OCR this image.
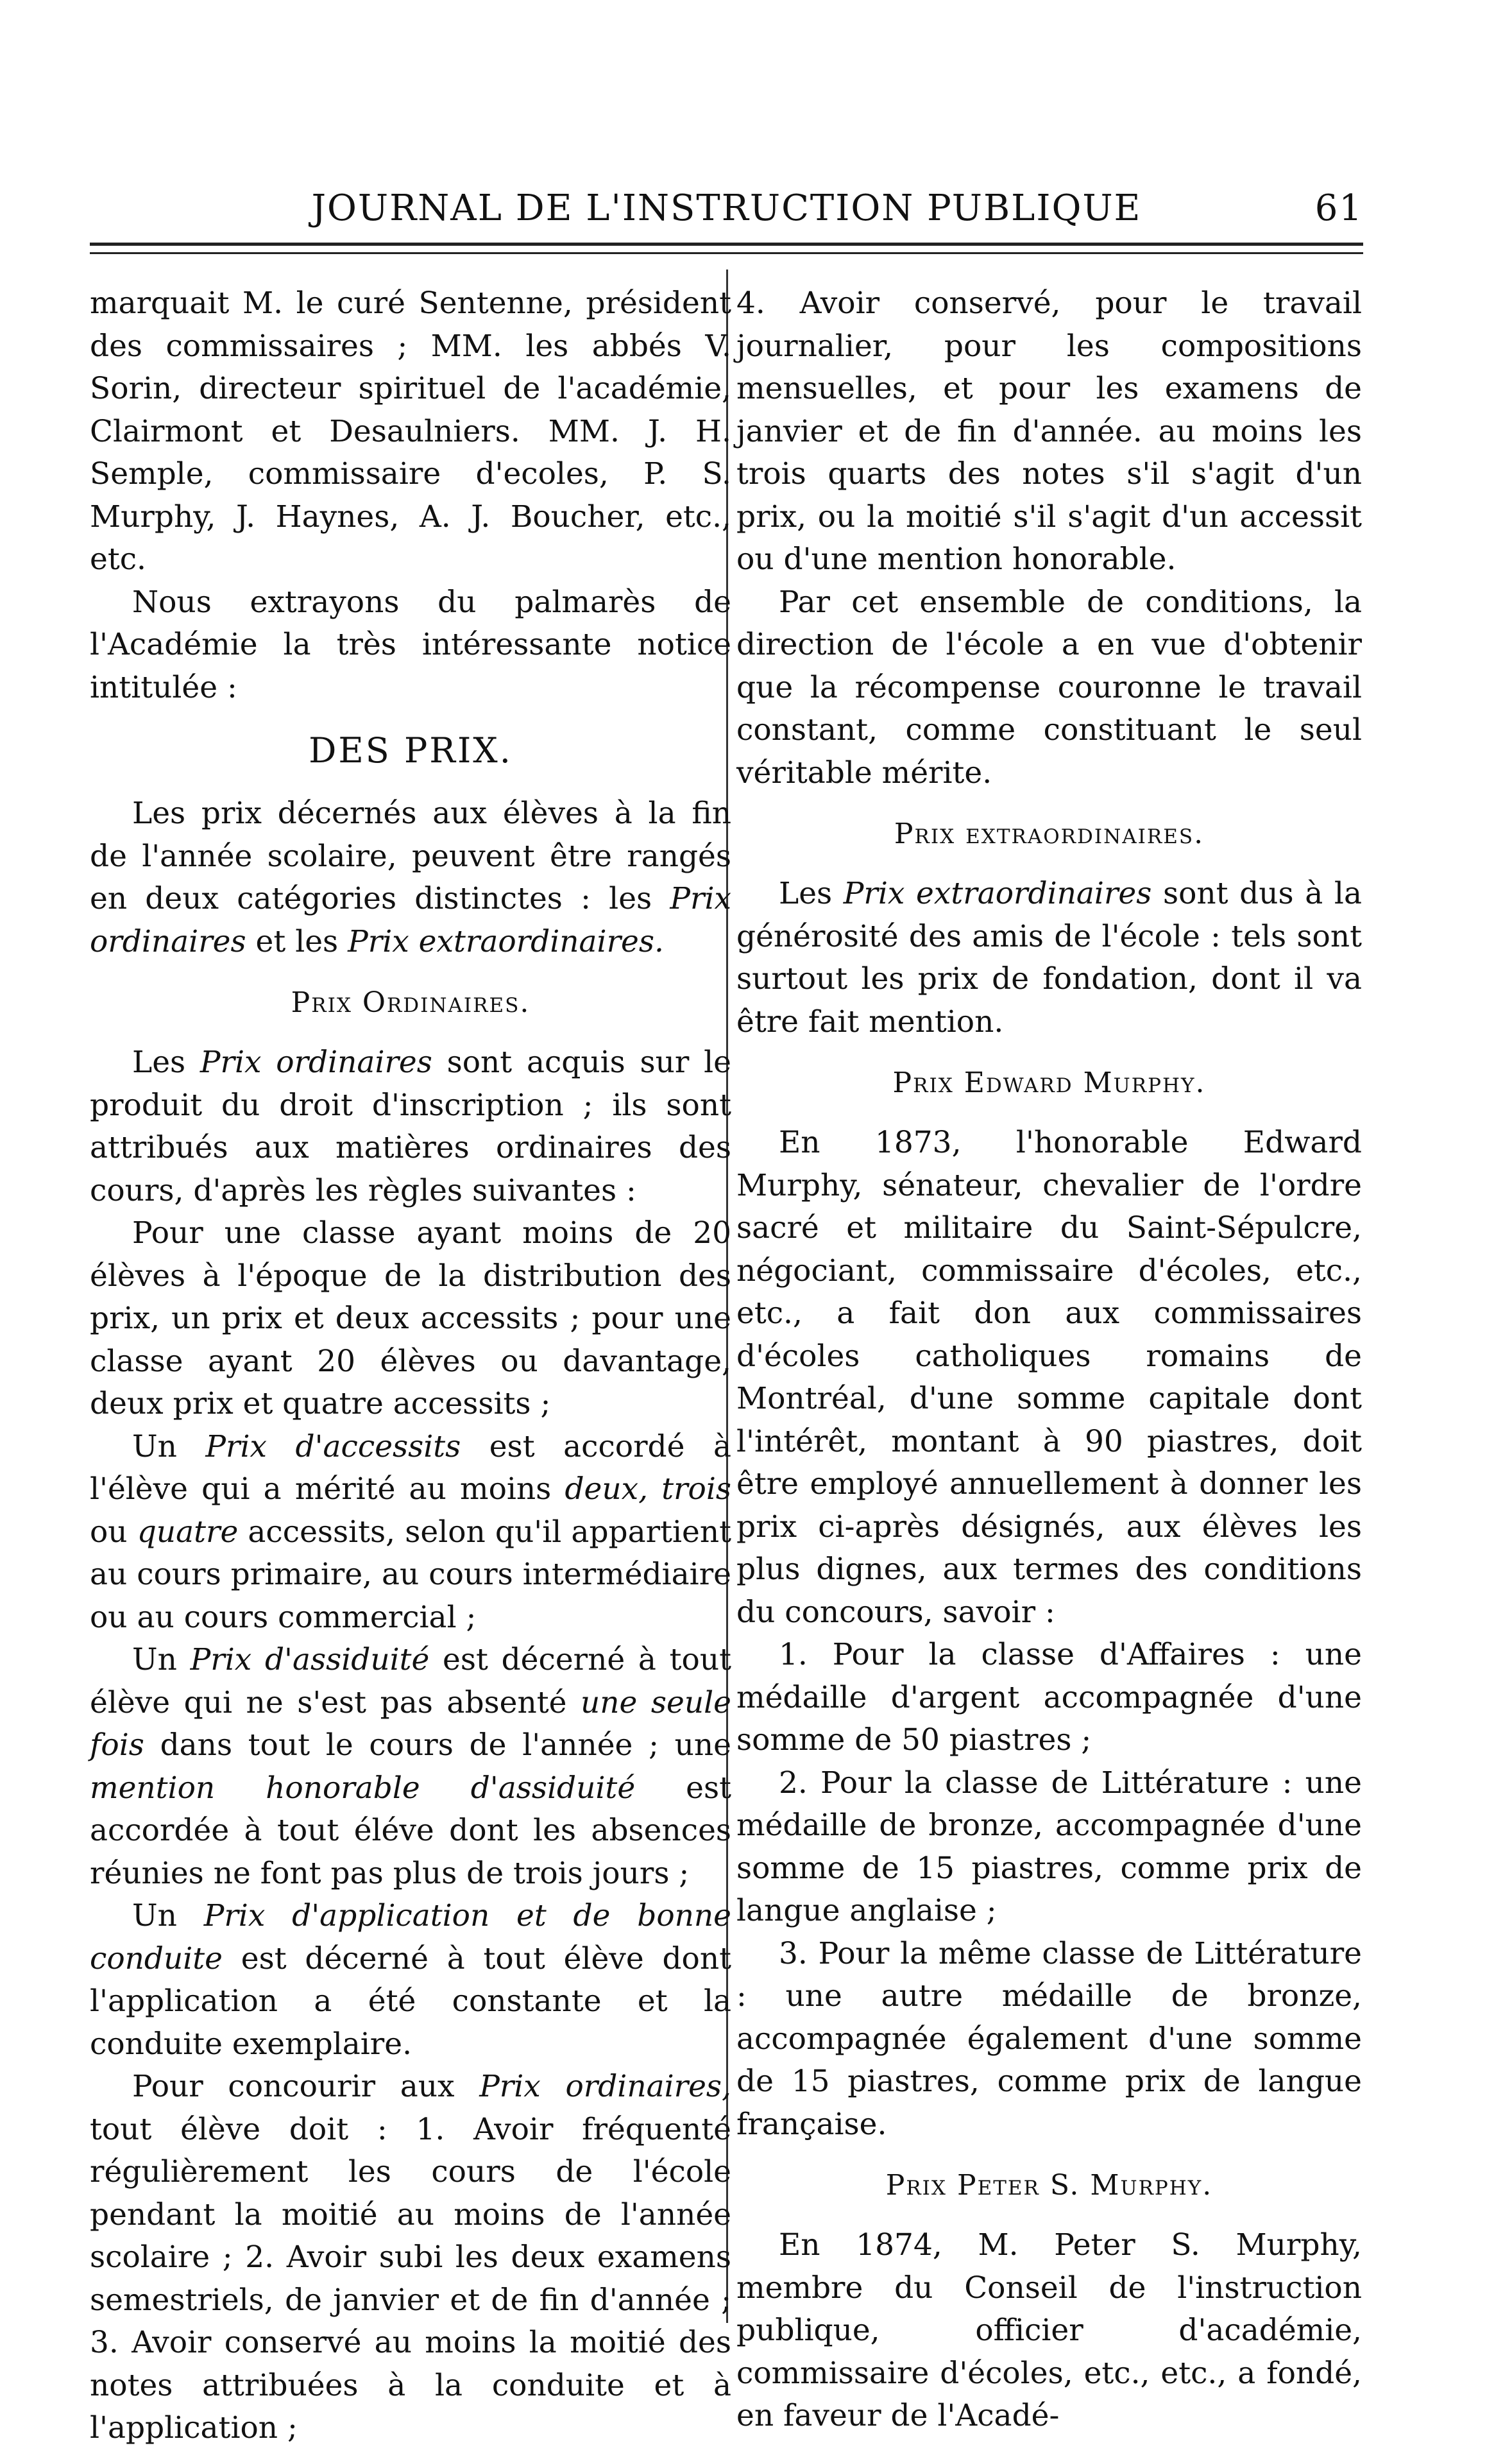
JOURNAL DE L'INSTRUCTION PUBLIQUE	61

marquait M. le curé Sentenne, président des commissaires ; MM. les abbés V. Sorin, directeur spirituel de l'académie, Clairmont et Desaulniers. MM. J. H. Semple, commissaire d'ecoles, P. S. Murphy, J. Haynes, A. J. Boucher, etc., etc.

Nous extrayons du palmarès de l'Académie la très intéressante notice intitulée :

DES PRIX.

Les prix décernés aux élèves à la fin de l'année scolaire, peuvent être rangés en deux catégories distinctes : les Prix ordinaires et les Prix extraordinaires.

Prix Ordinaires.

Les Prix ordinaires sont acquis sur le produit du droit d'inscription ; ils sont attribués aux matières ordinaires des cours, d'après les règles suivantes :

Pour une classe ayant moins de 20 élèves à l'époque de la distribution des prix, un prix et deux accessits ; pour une classe ayant 20 élèves ou davantage, deux prix et quatre accessits ;

Un Prix d'accessits est accordé à l'élève qui a mérité au moins deux, trois ou quatre accessits, selon qu'il appartient au cours primaire, au cours intermédiaire ou au cours commercial ;

Un Prix d'assiduité est décerné à tout élève qui ne s'est pas absenté une seule fois dans tout le cours de l'année ; une mention honorable d'assiduité est accordée à tout éléve dont les absences réunies ne font pas plus de trois jours ;

Un Prix d'application et de bonne conduite est décerné à tout élève dont l'application a été constante et la conduite exemplaire.

Pour concourir aux Prix ordinaires, tout élève doit : 1. Avoir fréquenté régulièrement les cours de l'école pendant la moitié au moins de l'année scolaire ; 2. Avoir subi les deux examens semestriels, de janvier et de fin d'année ; 3. Avoir conservé au moins la moitié des notes attribuées à la conduite et à l'application ;

4. Avoir conservé, pour le travail journalier, pour les compositions mensuelles, et pour les examens de janvier et de fin d'année. au moins les trois quarts des notes s'il s'agit d'un prix, ou la moitié s'il s'agit d'un accessit ou d'une mention honorable.

Par cet ensemble de conditions, la direction de l'école a en vue d'obtenir que la récompense couronne le travail constant, comme constituant le seul véritable mérite.

Prix extraordinaires.

Les Prix extraordinaires sont dus à la générosité des amis de l'école : tels sont surtout les prix de fondation, dont il va être fait mention.

Prix Edward Murphy.

En 1873, l'honorable Edward Murphy, sénateur, chevalier de l'ordre sacré et militaire du Saint-Sépulcre, négociant, commissaire d'écoles, etc., etc., a fait don aux commissaires d'écoles catholiques romains de Montréal, d'une somme capitale dont l'intérêt, montant à 90 piastres, doit être employé annuellement à donner les prix ci-après désignés, aux élèves les plus dignes, aux termes des conditions du concours, savoir :

1. Pour la classe d'Affaires : une médaille d'argent accompagnée d'une somme de 50 piastres ;

2. Pour la classe de Littérature : une médaille de bronze, accompagnée d'une somme de 15 piastres, comme prix de langue anglaise ;

3. Pour la même classe de Littérature : une autre médaille de bronze, accompagnée également d'une somme de 15 piastres, comme prix de langue française.

Prix Peter S. Murphy.

En 1874, M. Peter S. Murphy, membre du Conseil de l'instruction publique, officier d'académie, commissaire d'écoles, etc., etc., a fondé, en faveur de l'Acadé-
